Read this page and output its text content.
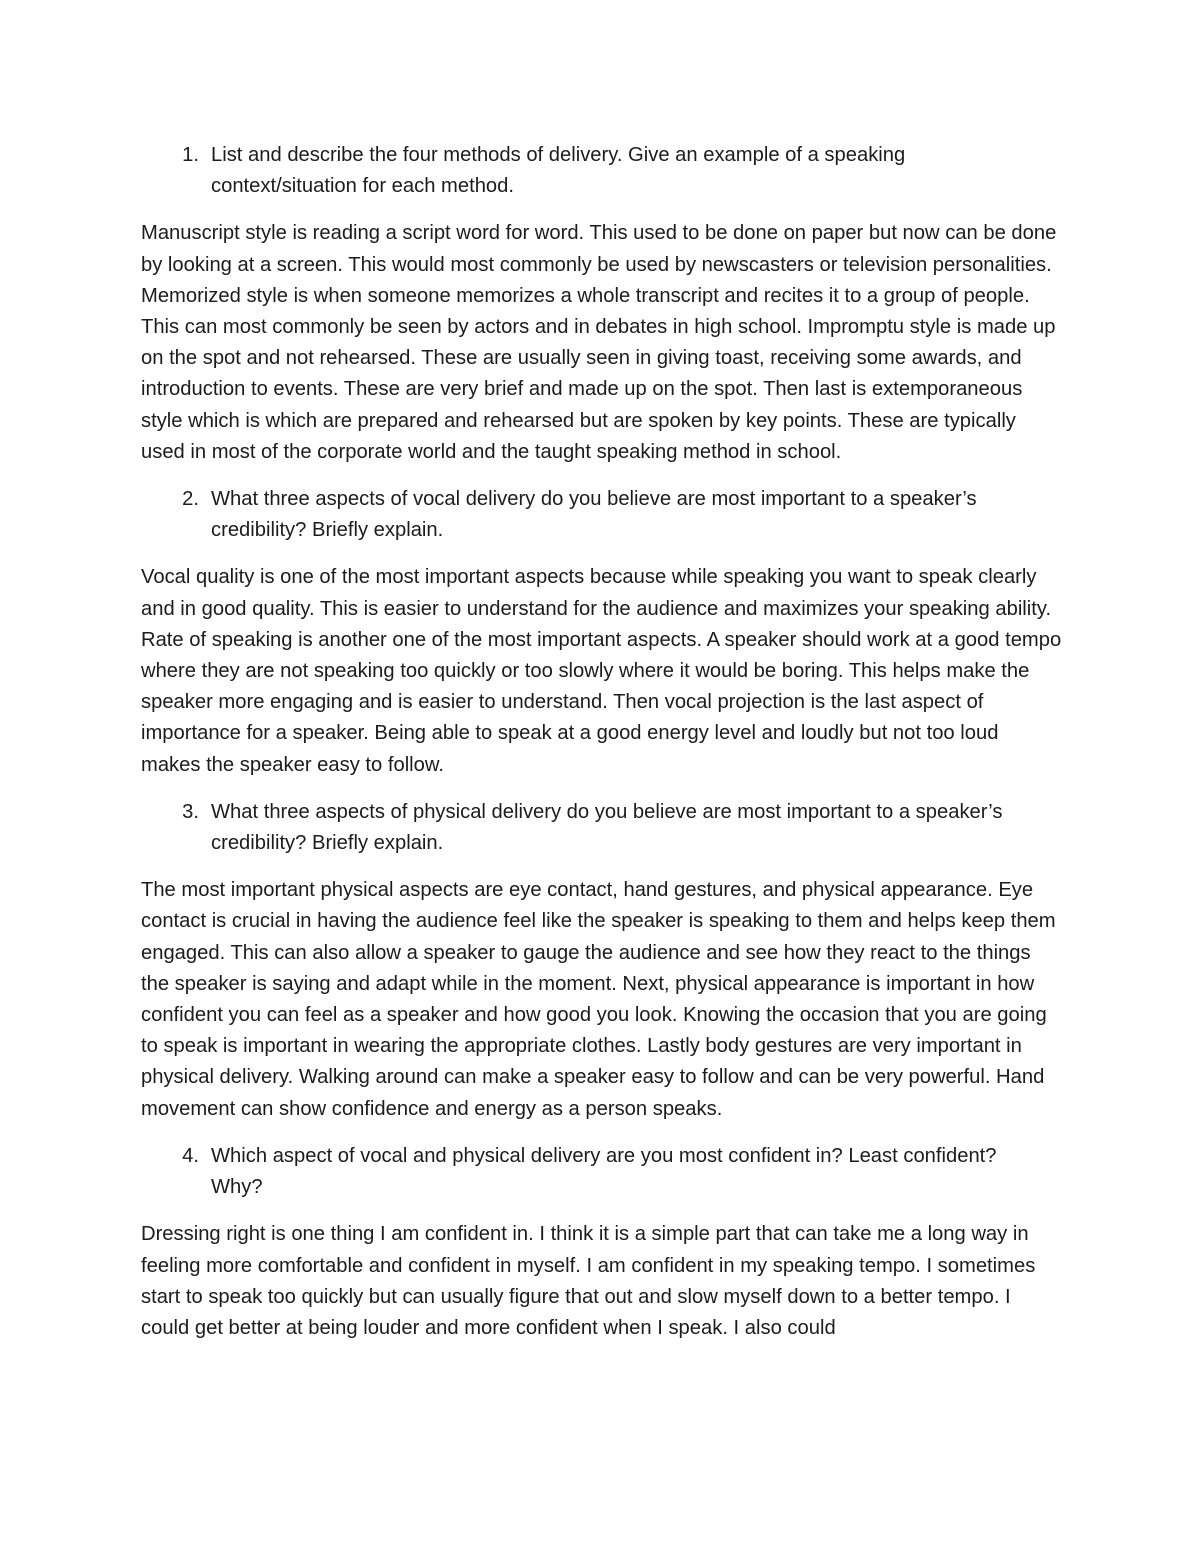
1. List and describe the four methods of delivery. Give an example of a speaking context/situation for each method.

Manuscript style is reading a script word for word. This used to be done on paper but now can be done by looking at a screen. This would most commonly be used by newscasters or television personalities. Memorized style is when someone memorizes a whole transcript and recites it to a group of people. This can most commonly be seen by actors and in debates in high school. Impromptu style is made up on the spot and not rehearsed. These are usually seen in giving toast, receiving some awards, and introduction to events. These are very brief and made up on the spot. Then last is extemporaneous style which is which are prepared and rehearsed but are spoken by key points. These are typically used in most of the corporate world and the taught speaking method in school.

2. What three aspects of vocal delivery do you believe are most important to a speaker’s credibility? Briefly explain.

Vocal quality is one of the most important aspects because while speaking you want to speak clearly and in good quality. This is easier to understand for the audience and maximizes your speaking ability. Rate of speaking is another one of the most important aspects. A speaker should work at a good tempo where they are not speaking too quickly or too slowly where it would be boring. This helps make the speaker more engaging and is easier to understand. Then vocal projection is the last aspect of importance for a speaker. Being able to speak at a good energy level and loudly but not too loud makes the speaker easy to follow.

3. What three aspects of physical delivery do you believe are most important to a speaker’s credibility? Briefly explain.

The most important physical aspects are eye contact, hand gestures, and physical appearance. Eye contact is crucial in having the audience feel like the speaker is speaking to them and helps keep them engaged. This can also allow a speaker to gauge the audience and see how they react to the things the speaker is saying and adapt while in the moment. Next, physical appearance is important in how confident you can feel as a speaker and how good you look. Knowing the occasion that you are going to speak is important in wearing the appropriate clothes. Lastly body gestures are very important in physical delivery. Walking around can make a speaker easy to follow and can be very powerful. Hand movement can show confidence and energy as a person speaks.

4. Which aspect of vocal and physical delivery are you most confident in? Least confident? Why?

Dressing right is one thing I am confident in. I think it is a simple part that can take me a long way in feeling more comfortable and confident in myself. I am confident in my speaking tempo. I sometimes start to speak too quickly but can usually figure that out and slow myself down to a better tempo. I could get better at being louder and more confident when I speak. I also could
